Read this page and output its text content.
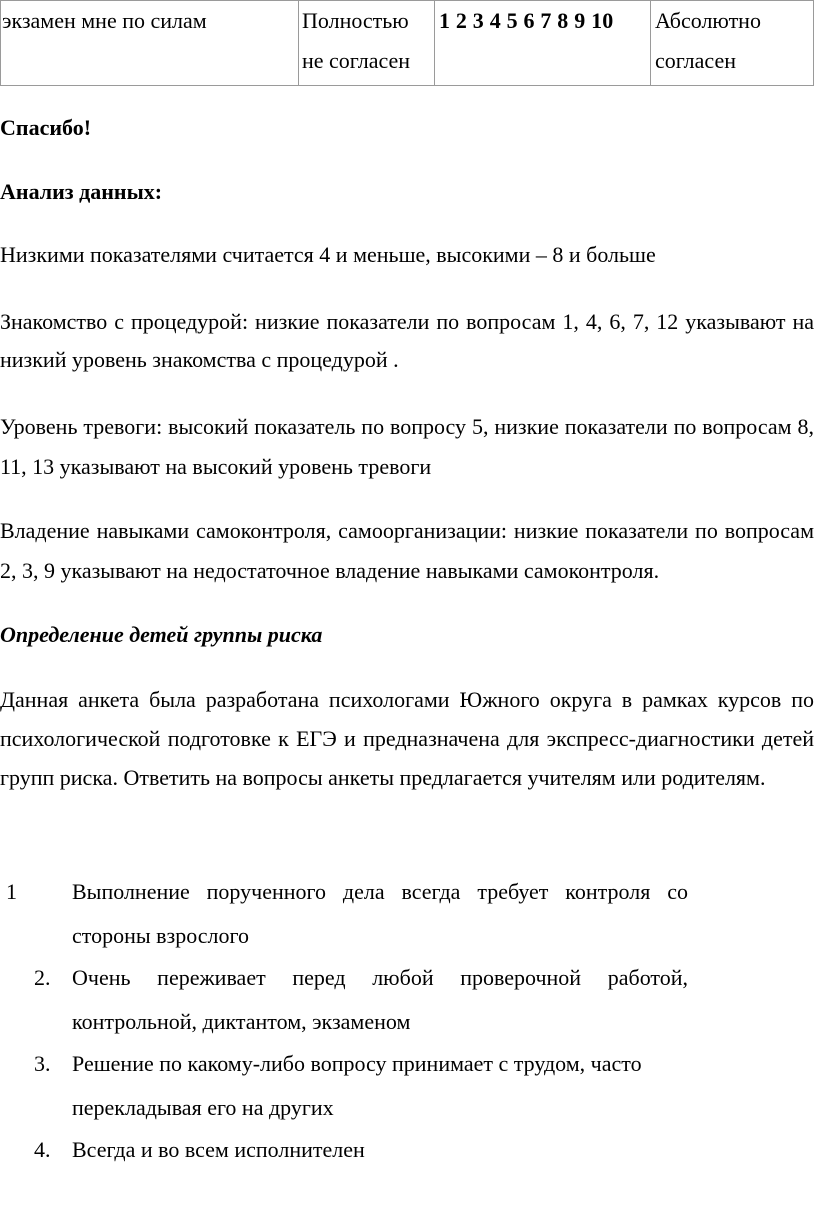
экзамен мне по силам	Полностью не согласен	1 2 3 4 5 6 7 8 9 10	Абсолютно согласен

Спасибо!

Анализ данных:

Низкими показателями считается 4 и меньше, высокими – 8 и больше

Знакомство с процедурой: низкие показатели по вопросам 1, 4, 6, 7, 12 указывают на низкий уровень знакомства с процедурой .

Уровень тревоги: высокий показатель по вопросу 5, низкие показатели по вопросам 8, 11, 13 указывают на высокий уровень тревоги

Владение навыками самоконтроля, самоорганизации: низкие показатели по вопросам 2, 3, 9 указывают на недостаточное владение навыками самоконтроля.

Определение детей группы риска

Данная анкета была разработана психологами Южного округа в рамках курсов по психологической подготовке к ЕГЭ и предназначена для экспресс-диагностики детей групп риска. Ответить на вопросы анкеты предлагается учителям или родителям.

1	Выполнение порученного дела всегда требует контроля со стороны взрослого

2. Очень переживает перед любой проверочной работой, контрольной, диктантом, экзаменом

3. Решение по какому-либо вопросу принимает с трудом, часто перекладывая его на других

4. Всегда и во всем исполнителен
